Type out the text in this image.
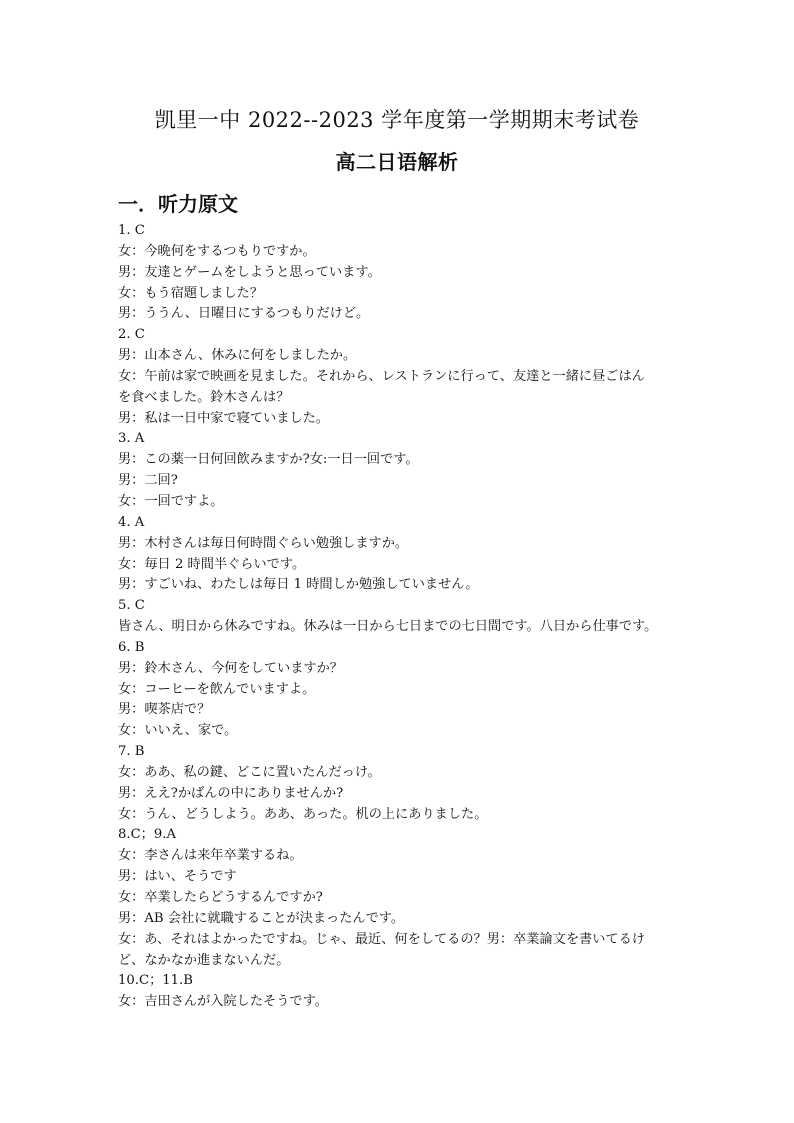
凯里一中 2022--2023 学年度第一学期期末考试卷
高二日语解析
一．听力原文
1. C
女：今晩何をするつもりですか。
男：友達とゲームをしようと思っています。
女：もう宿題しました？
男：ううん、日曜日にするつもりだけど。
2. C
男：山本さん、休みに何をしましたか。
女：午前は家で映画を見ました。それから、レストランに行って、友達と一緒に昼ごはん
を食べました。鈴木さんは？
男：私は一日中家で寝ていました。
3. A
男：この薬一日何回飲みますか?女:一日一回です。
男：二回?
女：一回ですよ。
4. A
男：木村さんは毎日何時間ぐらい勉強しますか。
女：毎日 2 時間半ぐらいです。
男：すごいね、わたしは毎日 1 時間しか勉強していません。
5. C
皆さん、明日から休みですね。休みは一日から七日までの七日間です。八日から仕事です。
6. B
男：鈴木さん、今何をしていますか？
女：コーヒーを飲んでいますよ。
男：喫茶店で？
女：いいえ、家で。
7. B
女：ああ、私の鍵、どこに置いたんだっけ。
男：ええ?かばんの中にありませんか?
女：うん、どうしよう。ああ、あった。机の上にありました。
8.C；9.A
女：李さんは来年卒業するね。
男：はい、そうです
女：卒業したらどうするんですか?
男：AB 会社に就職することが決まったんです。
女：あ、それはよかったですね。じゃ、最近、何をしてるの？男：卒業論文を書いてるけ
ど、なかなか進まないんだ。
10.C；11.B
女：吉田さんが入院したそうです。
